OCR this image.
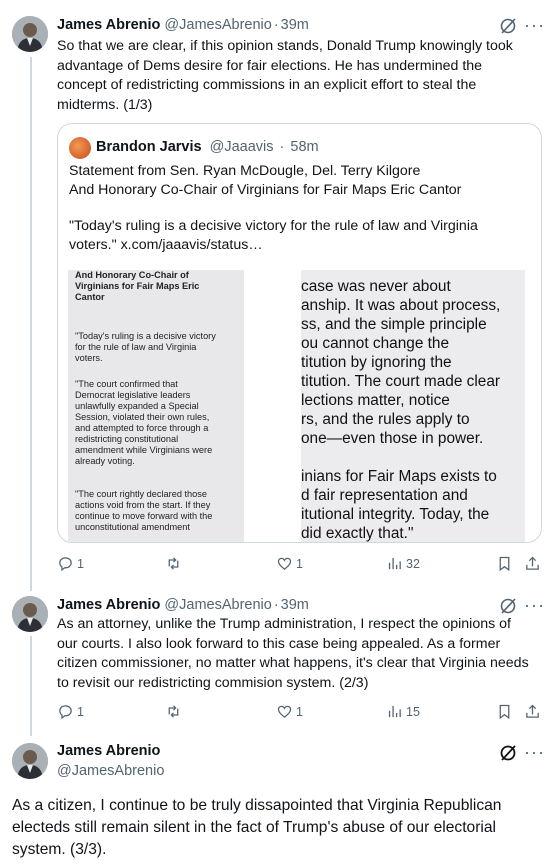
James Abrenio @JamesAbrenio · 39m	···
So that we are clear, if this opinion stands, Donald Trump knowingly took
advantage of Dems desire for fair elections. He has undermined the
concept of redistricting commissions in an explicit effort to steal the
midterms. (1/3)
Brandon Jarvis @Jaaavis · 58m
Statement from Sen. Ryan McDougle, Del. Terry Kilgore
And Honorary Co-Chair of Virginians for Fair Maps Eric Cantor
"Today's ruling is a decisive victory for the rule of law and Virginia
voters." x.com/jaaavis/status…

And Honorary Co-Chair of

Virginians for Fair Maps Eric

Cantor

"Today's ruling is a decisive victory

for the rule of law and Virginia

voters.

"The court confirmed that

Democrat legislative leaders

unlawfully expanded a Special

Session, violated their own rules,

and attempted to force through a

redistricting constitutional

amendment while Virginians were

already voting.

"The court rightly declared those

actions void from the start. If they

continue to move forward with the

unconstitutional amendment

case was never about

anship. It was about process,

ss, and the simple principle

ou cannot change the

titution by ignoring the

titution. The court made clear

lections matter, notice

rs, and the rules apply to

one—even those in power.

inians for Fair Maps exists to

d fair representation and

itutional integrity. Today, the

did exactly that."

1	1	32
James Abrenio @JamesAbrenio · 39m	···
As an attorney, unlike the Trump administration, I respect the opinions of
our courts. I also look forward to this case being appealed. As a former
citizen commissioner, no matter what happens, it's clear that Virginia needs
to revisit our redistricting commision system. (2/3)
1	1	15
James Abrenio
@JamesAbrenio
···
As a citizen, I continue to be truly dissapointed that Virginia Republican
electeds still remain silent in the fact of Trump's abuse of our electorial
system. (3/3).
